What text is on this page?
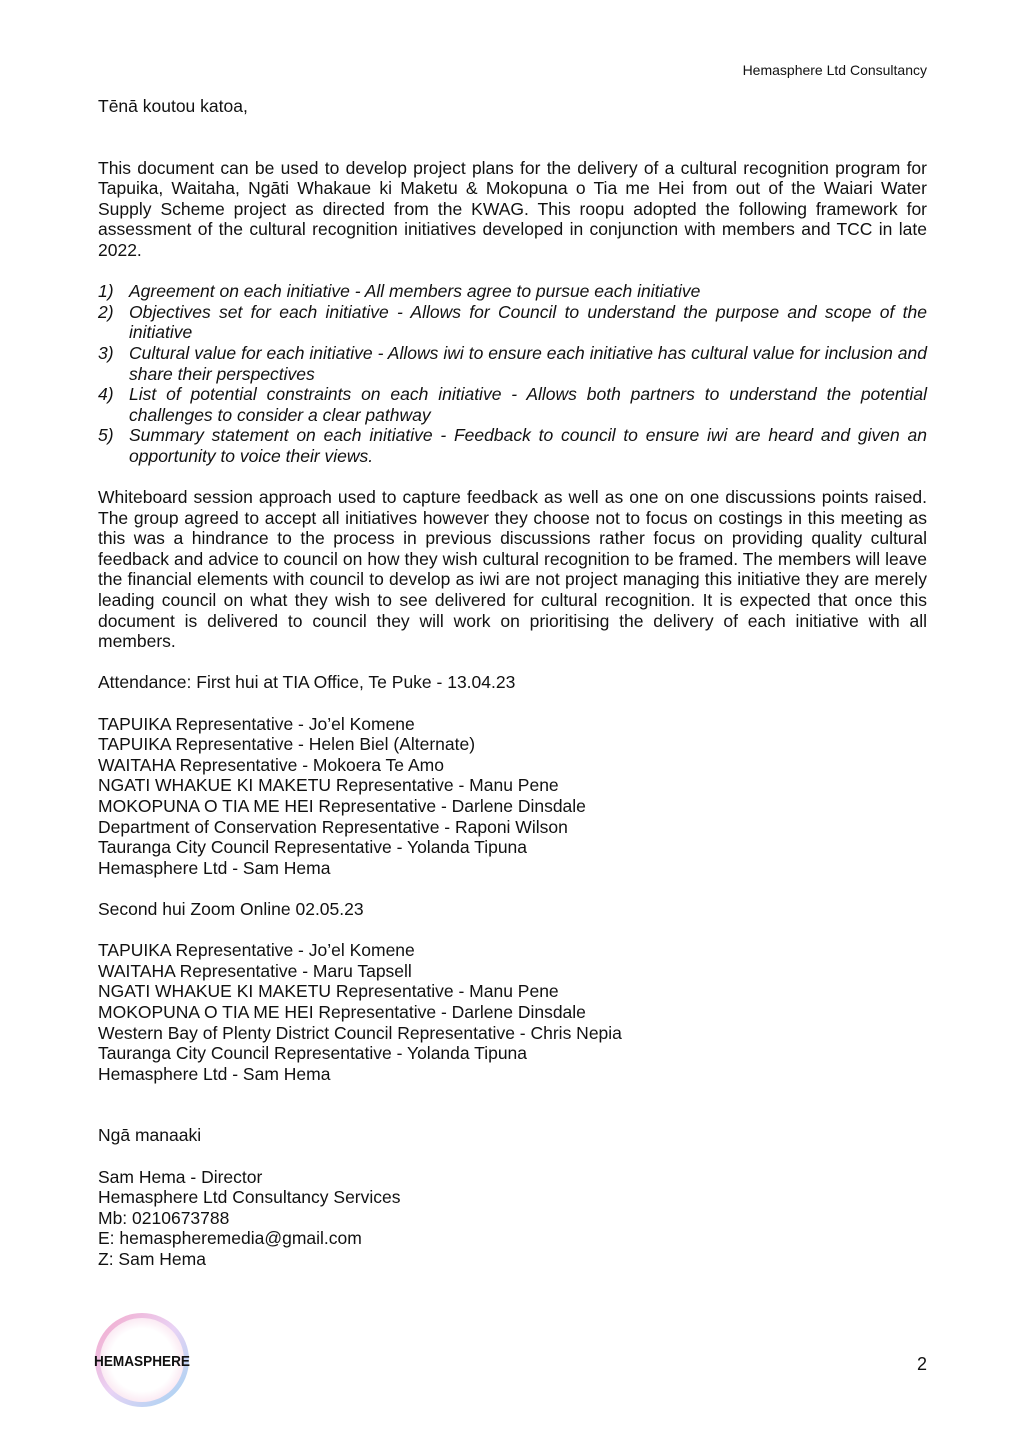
Hemasphere Ltd Consultancy

Tēnā koutou katoa,

This document can be used to develop project plans for the delivery of a cultural recognition program for Tapuika, Waitaha, Ngāti Whakaue ki Maketu & Mokopuna o Tia me Hei from out of the Waiari Water Supply Scheme project as directed from the KWAG. This roopu adopted the following framework for assessment of the cultural recognition initiatives developed in conjunction with members and TCC in late 2022.

1) Agreement on each initiative - All members agree to pursue each initiative
2) Objectives set for each initiative - Allows for Council to understand the purpose and scope of the initiative
3) Cultural value for each initiative - Allows iwi to ensure each initiative has cultural value for inclusion and share their perspectives
4) List of potential constraints on each initiative - Allows both partners to understand the potential challenges to consider a clear pathway
5) Summary statement on each initiative - Feedback to council to ensure iwi are heard and given an opportunity to voice their views.

Whiteboard session approach used to capture feedback as well as one on one discussions points raised. The group agreed to accept all initiatives however they choose not to focus on costings in this meeting as this was a hindrance to the process in previous discussions rather focus on providing quality cultural feedback and advice to council on how they wish cultural recognition to be framed. The members will leave the financial elements with council to develop as iwi are not project managing this initiative they are merely leading council on what they wish to see delivered for cultural recognition. It is expected that once this document is delivered to council they will work on prioritising the delivery of each initiative with all members.

Attendance: First hui at TIA Office, Te Puke - 13.04.23

TAPUIKA Representative - Jo’el Komene

TAPUIKA Representative - Helen Biel (Alternate)

WAITAHA Representative - Mokoera Te Amo

NGATI WHAKUE KI MAKETU Representative - Manu Pene

MOKOPUNA O TIA ME HEI Representative - Darlene Dinsdale

Department of Conservation Representative - Raponi Wilson

Tauranga City Council Representative - Yolanda Tipuna

Hemasphere Ltd - Sam Hema

Second hui Zoom Online 02.05.23

TAPUIKA Representative - Jo’el Komene

WAITAHA Representative - Maru Tapsell

NGATI WHAKUE KI MAKETU Representative - Manu Pene

MOKOPUNA O TIA ME HEI Representative - Darlene Dinsdale

Western Bay of Plenty District Council Representative - Chris Nepia

Tauranga City Council Representative - Yolanda Tipuna

Hemasphere Ltd - Sam Hema

Ngā manaaki

Sam Hema - Director

Hemasphere Ltd Consultancy Services

Mb: 0210673788

E: hemaspheremedia@gmail.com

Z: Sam Hema

HEMASPHERE	2
